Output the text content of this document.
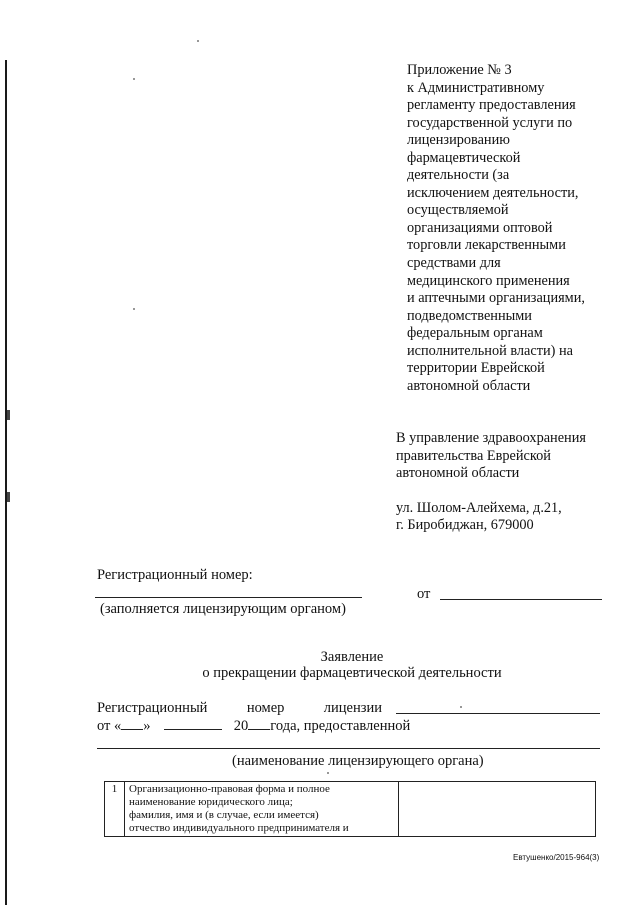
Приложение № 3
к Административному
регламенту предоставления
государственной услуги по
лицензированию
фармацевтической
деятельности (за
исключением деятельности,
осуществляемой
организациями оптовой
торговли лекарственными
средствами для
медицинского применения
и аптечными организациями,
подведомственными
федеральным органам
исполнительной власти) на
территории Еврейской
автономной области
В управление здравоохранения
правительства Еврейской
автономной области
ул. Шолом-Алейхема, д.21,
г. Биробиджан, 679000
Регистрационный номер:
(заполняется лицензирующим органом)
от
Заявление
о прекращении фармацевтической деятельности
Регистрационный	номер	лицензии
от « »	20 года, предоставленной
(наименование лицензирующего органа)
1	Организационно-правовая форма и полное
наименование юридического лица;
фамилия, имя и (в случае, если имеется)
отчество индивидуального предпринимателя и

Евтушенко/2015-964(3)
